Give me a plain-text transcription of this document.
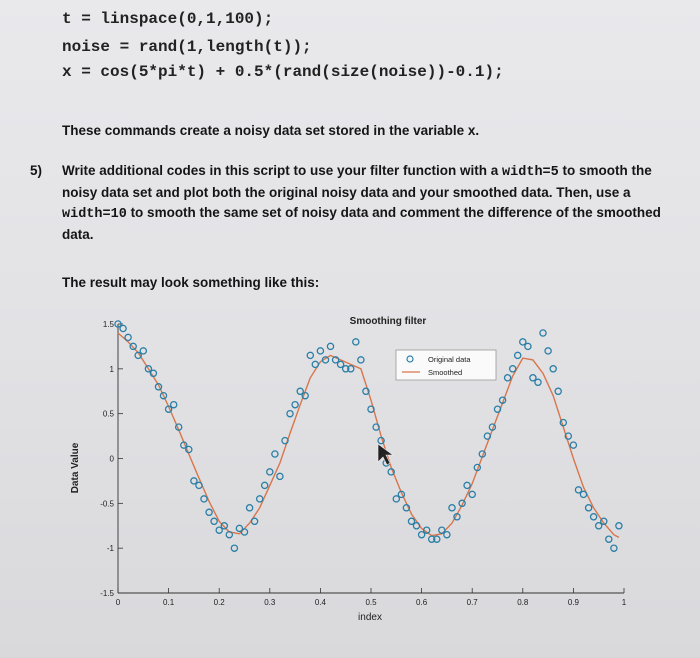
t = linspace(0,1,100);
noise = rand(1,length(t));
x = cos(5*pi*t) + 0.5*(rand(size(noise))-0.1);
These commands create a noisy data set stored in the variable x.
5) Write additional codes in this script to use your filter function with a width=5 to smooth the noisy data set and plot both the original noisy data and your smoothed data. Then, use a width=10 to smooth the same set of noisy data and comment the difference of the smoothed data.
The result may look something like this:
-1.5
-1
-0.5
0
0.5
1
1.5
0	0.1	0.2	0.3	0.4	0.5	0.6	0.7	0.8	0.9	1
Smoothing filter
index
Data Value
Original data
Smoothed
